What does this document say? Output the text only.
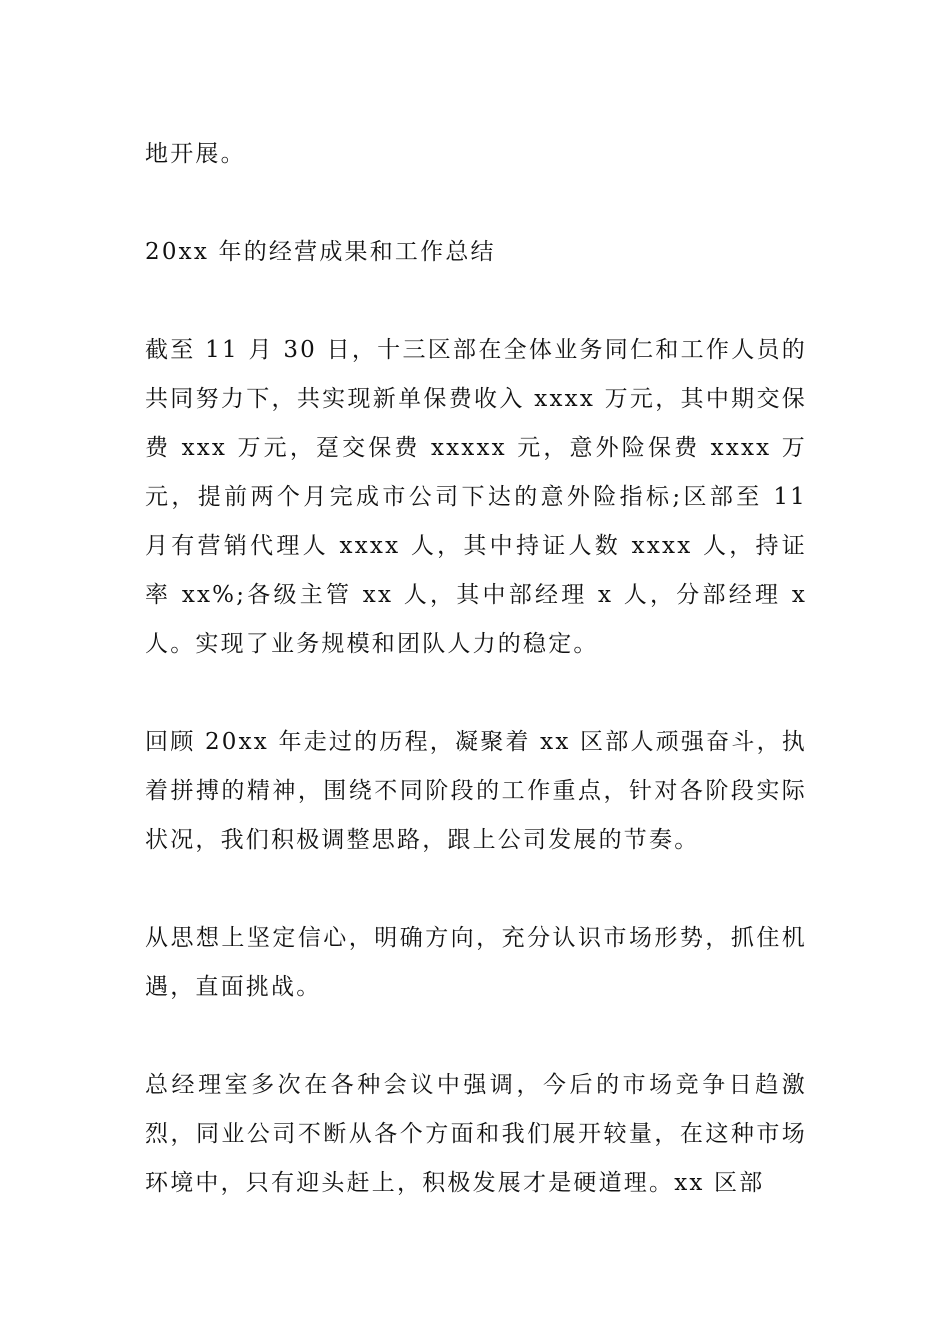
地开展。

20xx 年的经营成果和工作总结

截至 11 月 30 日，十三区部在全体业务同仁和工作人员的共同努力下，共实现新单保费收入 xxxx 万元，其中期交保费 xxx 万元，趸交保费 xxxxx 元，意外险保费 xxxx 万元，提前两个月完成市公司下达的意外险指标;区部至 11 月有营销代理人 xxxx 人，其中持证人数 xxxx 人，持证率 xx%;各级主管 xx 人，其中部经理 x 人，分部经理 x 人。实现了业务规模和团队人力的稳定。

回顾 20xx 年走过的历程，凝聚着 xx 区部人顽强奋斗，执着拼搏的精神，围绕不同阶段的工作重点，针对各阶段实际状况，我们积极调整思路，跟上公司发展的节奏。

从思想上坚定信心，明确方向，充分认识市场形势，抓住机遇，直面挑战。

总经理室多次在各种会议中强调，今后的市场竞争日趋激烈，同业公司不断从各个方面和我们展开较量，在这种市场环境中，只有迎头赶上，积极发展才是硬道理。xx 区部
